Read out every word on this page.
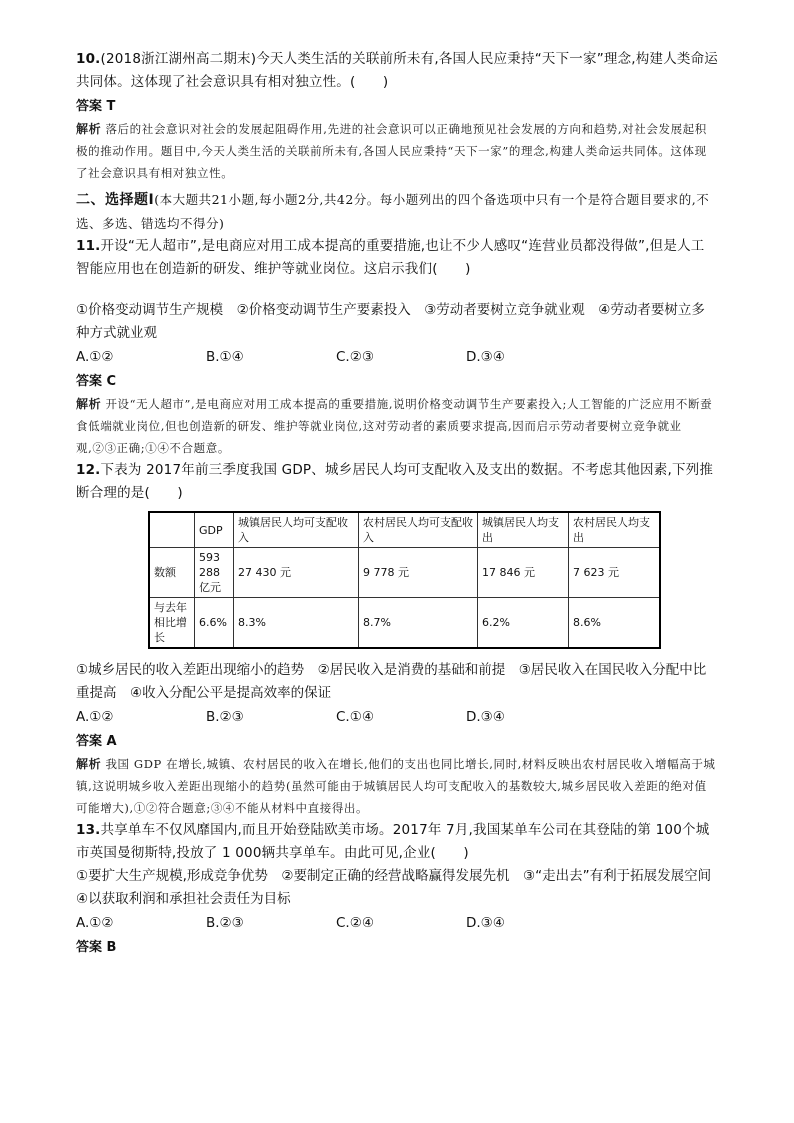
10.(2018浙江湖州高二期末)今天人类生活的关联前所未有,各国人民应秉持“天下一家”理念,构建人类命运共同体。这体现了社会意识具有相对独立性。(　　)
答案 T
解析 落后的社会意识对社会的发展起阻碍作用,先进的社会意识可以正确地预见社会发展的方向和趋势,对社会发展起积极的推动作用。题目中,今天人类生活的关联前所未有,各国人民应秉持“天下一家”的理念,构建人类命运共同体。这体现了社会意识具有相对独立性。
二、选择题Ⅰ(本大题共21小题,每小题2分,共42分。每小题列出的四个备选项中只有一个是符合题目要求的,不选、多选、错选均不得分)
11.开设“无人超市”,是电商应对用工成本提高的重要措施,也让不少人感叹“连营业员都没得做”,但是人工智能应用也在创造新的研发、维护等就业岗位。这启示我们(　　)
①价格变动调节生产规模　②价格变动调节生产要素投入　③劳动者要树立竞争就业观　④劳动者要树立多种方式就业观
A.①②	B.①④	C.②③	D.③④
答案 C
解析 开设“无人超市”,是电商应对用工成本提高的重要措施,说明价格变动调节生产要素投入;人工智能的广泛应用不断蚕食低端就业岗位,但也创造新的研发、维护等就业岗位,这对劳动者的素质要求提高,因而启示劳动者要树立竞争就业观,②③正确;①④不合题意。
12.下表为 2017年前三季度我国 GDP、城乡居民人均可支配收入及支出的数据。不考虑其他因素,下列推断合理的是(　　)
	GDP	城镇居民人均可支配收入	农村居民人均可支配收入	城镇居民人均支出	农村居民人均支出
数额	593 288 亿元	27 430 元	9 778 元	17 846 元	7 623 元
与去年相比增长	6.6%	8.3%	8.7%	6.2%	8.6%
①城乡居民的收入差距出现缩小的趋势　②居民收入是消费的基础和前提　③居民收入在国民收入分配中比重提高　④收入分配公平是提高效率的保证
A.①②	B.②③	C.①④	D.③④
答案 A
解析 我国 GDP 在增长,城镇、农村居民的收入在增长,他们的支出也同比增长,同时,材料反映出农村居民收入增幅高于城镇,这说明城乡收入差距出现缩小的趋势(虽然可能由于城镇居民人均可支配收入的基数较大,城乡居民收入差距的绝对值可能增大),①②符合题意;③④不能从材料中直接得出。
13.共享单车不仅风靡国内,而且开始登陆欧美市场。2017年 7月,我国某单车公司在其登陆的第 100个城市英国曼彻斯特,投放了 1 000辆共享单车。由此可见,企业(　　)
①要扩大生产规模,形成竞争优势　②要制定正确的经营战略赢得发展先机　③“走出去”有利于拓展发展空间　④以获取利润和承担社会责任为目标
A.①②	B.②③	C.②④	D.③④
答案 B
